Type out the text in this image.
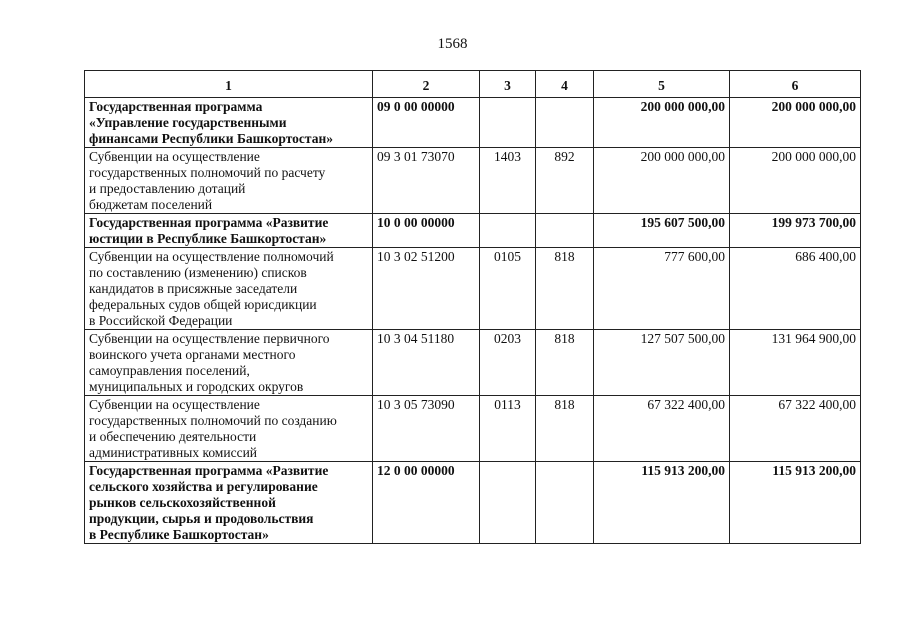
1568
1	2	3	4	5	6
Государственная программа
«Управление государственными
финансами Республики Башкортостан»	09 0 00 00000			200 000 000,00	200 000 000,00
Субвенции на осуществление
государственных полномочий по расчету
и предоставлению дотаций
бюджетам поселений	09 3 01 73070	1403	892	200 000 000,00	200 000 000,00
Государственная программа «Развитие
юстиции в Республике Башкортостан»	10 0 00 00000			195 607 500,00	199 973 700,00
Субвенции на осуществление полномочий
по составлению (изменению) списков
кандидатов в присяжные заседатели
федеральных судов общей юрисдикции
в Российской Федерации	10 3 02 51200	0105	818	777 600,00	686 400,00
Субвенции на осуществление первичного
воинского учета органами местного
самоуправления поселений,
муниципальных и городских округов	10 3 04 51180	0203	818	127 507 500,00	131 964 900,00
Субвенции на осуществление
государственных полномочий по созданию
и обеспечению деятельности
административных комиссий	10 3 05 73090	0113	818	67 322 400,00	67 322 400,00
Государственная программа «Развитие
сельского хозяйства и регулирование
рынков сельскохозяйственной
продукции, сырья и продовольствия
в Республике Башкортостан»	12 0 00 00000			115 913 200,00	115 913 200,00
